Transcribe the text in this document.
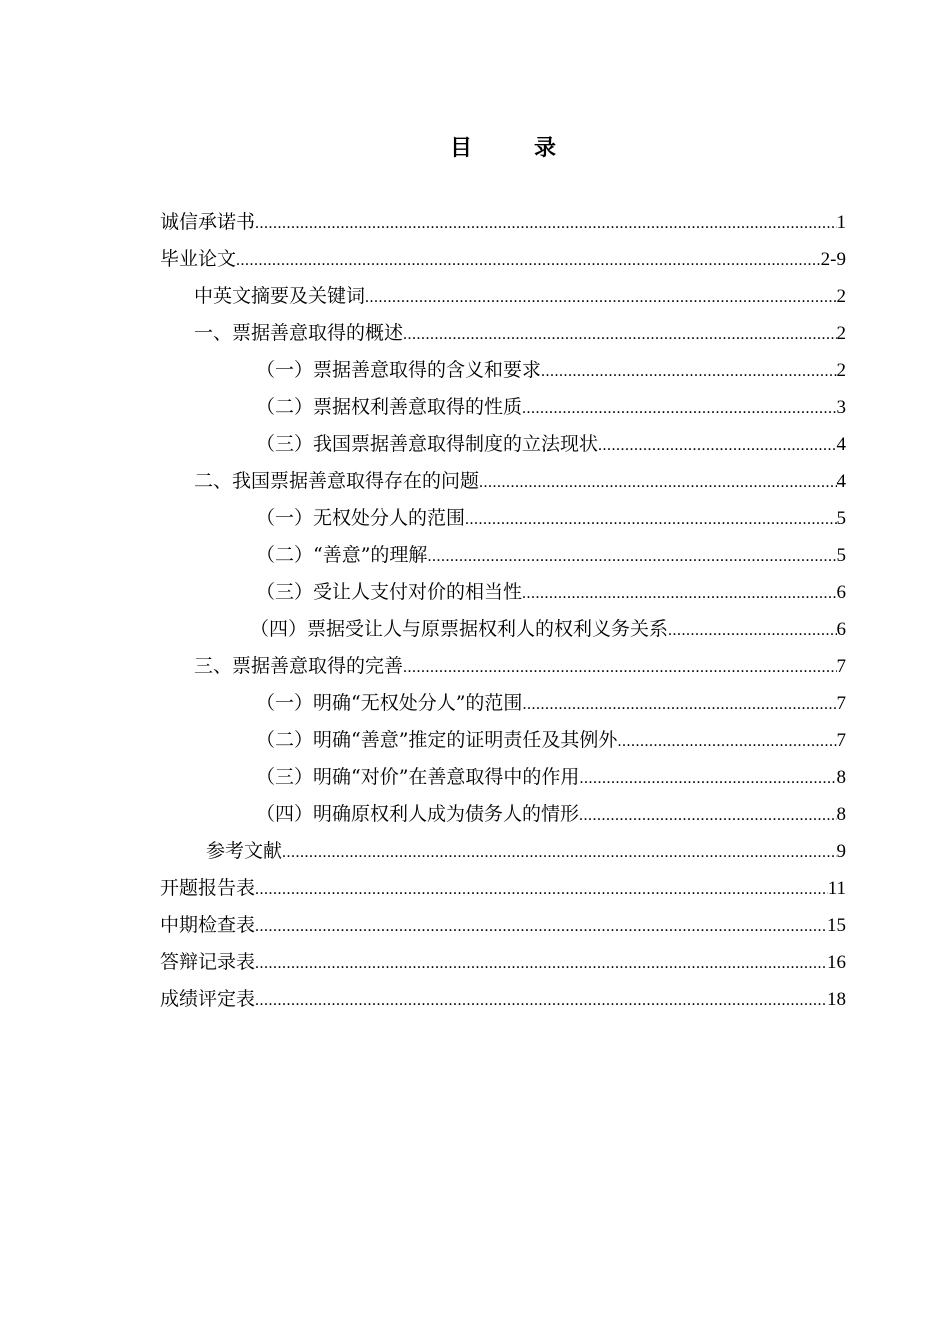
目　录
诚信承诺书 .....	1
毕业论文 .....	2-9
中英文摘要及关键词 .....	2
一、票据善意取得的概述 .....	2
（一）票据善意取得的含义和要求 .....	2
（二）票据权利善意取得的性质 .....	3
（三）我国票据善意取得制度的立法现状 .....	4
二、我国票据善意取得存在的问题 .....	4
（一）无权处分人的范围 .....	5
（二）“善意”的理解 .....	5
（三）受让人支付对价的相当性 .....	6
（四）票据受让人与原票据权利人的权利义务关系 .....	6
三、票据善意取得的完善 .....	7
（一）明确“无权处分人”的范围 .....	7
（二）明确“善意”推定的证明责任及其例外 .....	7
（三）明确“对价”在善意取得中的作用 .....	8
（四）明确原权利人成为债务人的情形 .....	8
参考文献 .....	9
开题报告表 .....	11
中期检查表 .....	15
答辩记录表 .....	16
成绩评定表 .....	18
